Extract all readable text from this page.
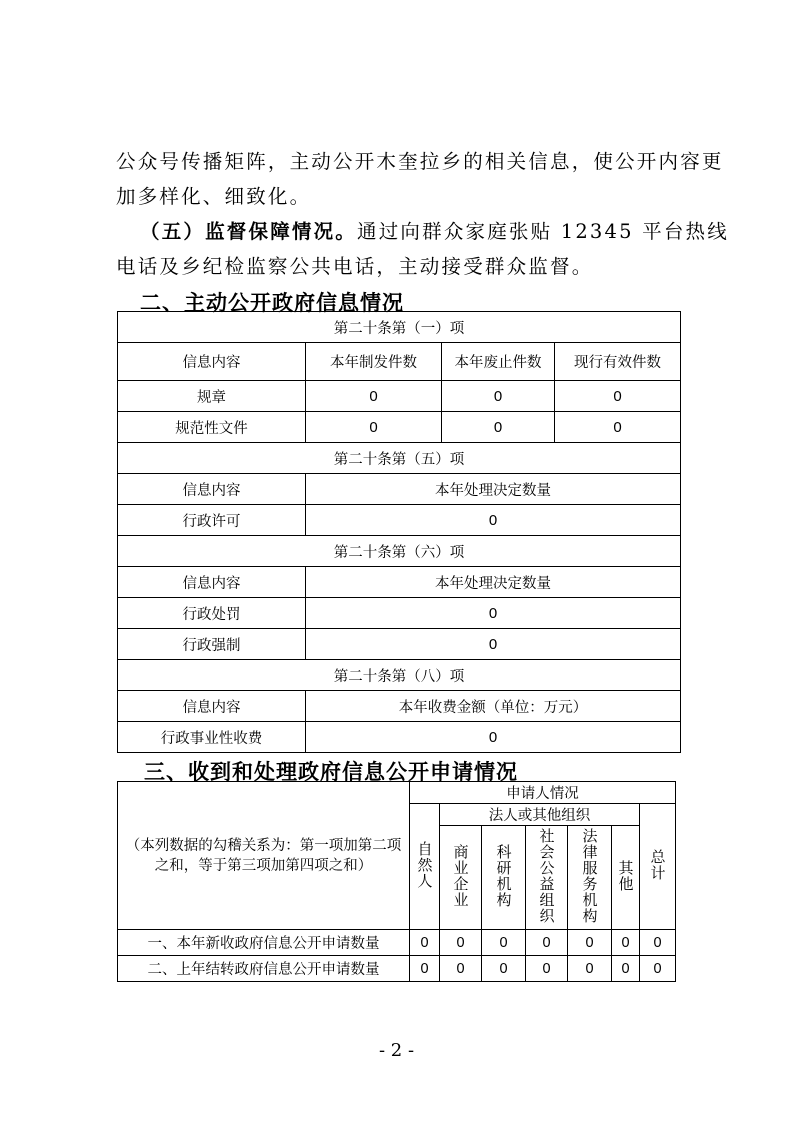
公众号传播矩阵，主动公开木奎拉乡的相关信息，使公开内容更

加多样化、细致化。

（五）监督保障情况。通过向群众家庭张贴 12345 平台热线

电话及乡纪检监察公共电话，主动接受群众监督。

二、主动公开政府信息情况

第二十条第（一）项			
信息内容	本年制发件数	本年废止件数	现行有效件数
规章	0	0	0
规范性文件	0	0	0
第二十条第（五）项			
信息内容	本年处理决定数量		
行政许可	0		
第二十条第（六）项			
信息内容	本年处理决定数量		
行政处罚	0		
行政强制	0		
第二十条第（八）项			
信息内容	本年收费金额（单位：万元）		
行政事业性收费	0		

三、收到和处理政府信息公开申请情况

（本列数据的勾稽关系为：第一项加第二项之和，等于第三项加第四项之和）	申请人情况						
	自然人	法人或其他组织					总计
		商业企业	科研机构	社会公益组织	法律服务机构	其他	
一、本年新收政府信息公开申请数量	0	0	0	0	0	0	0
二、上年结转政府信息公开申请数量	0	0	0	0	0	0	0

- 2 -
